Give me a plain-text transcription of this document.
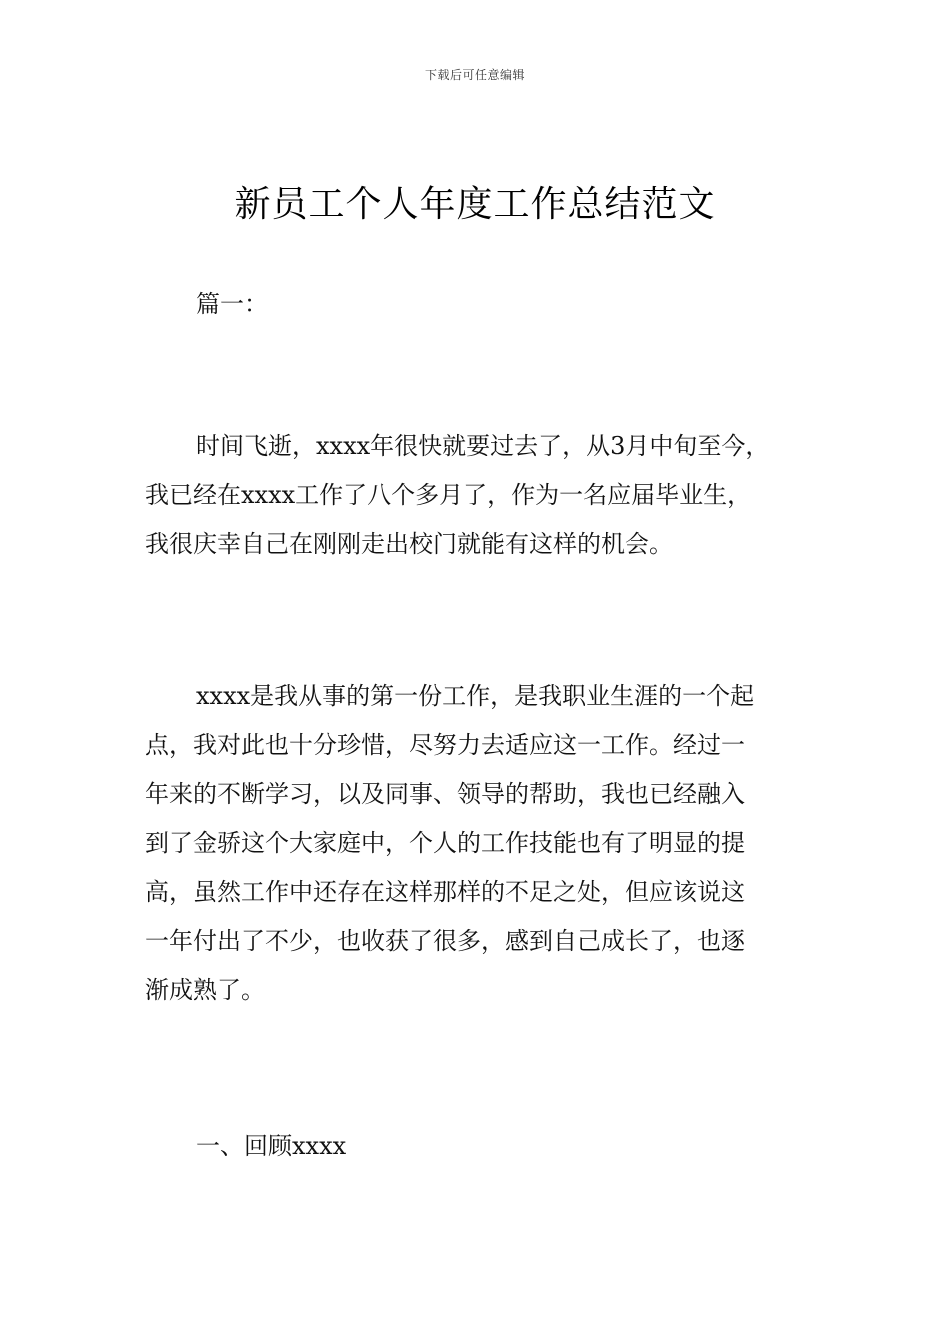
下载后可任意编辑
新员工个人年度工作总结范文

篇一：

时间飞逝，xxxx年很快就要过去了，从3月中旬至今，
我已经在xxxx工作了八个多月了，作为一名应届毕业生，
我很庆幸自己在刚刚走出校门就能有这样的机会。
xxxx是我从事的第一份工作，是我职业生涯的一个起
点，我对此也十分珍惜，尽努力去适应这一工作。经过一
年来的不断学习，以及同事、领导的帮助，我也已经融入
到了金骄这个大家庭中，个人的工作技能也有了明显的提
高，虽然工作中还存在这样那样的不足之处，但应该说这
一年付出了不少，也收获了很多，感到自己成长了，也逐
渐成熟了。

一、回顾xxxx
